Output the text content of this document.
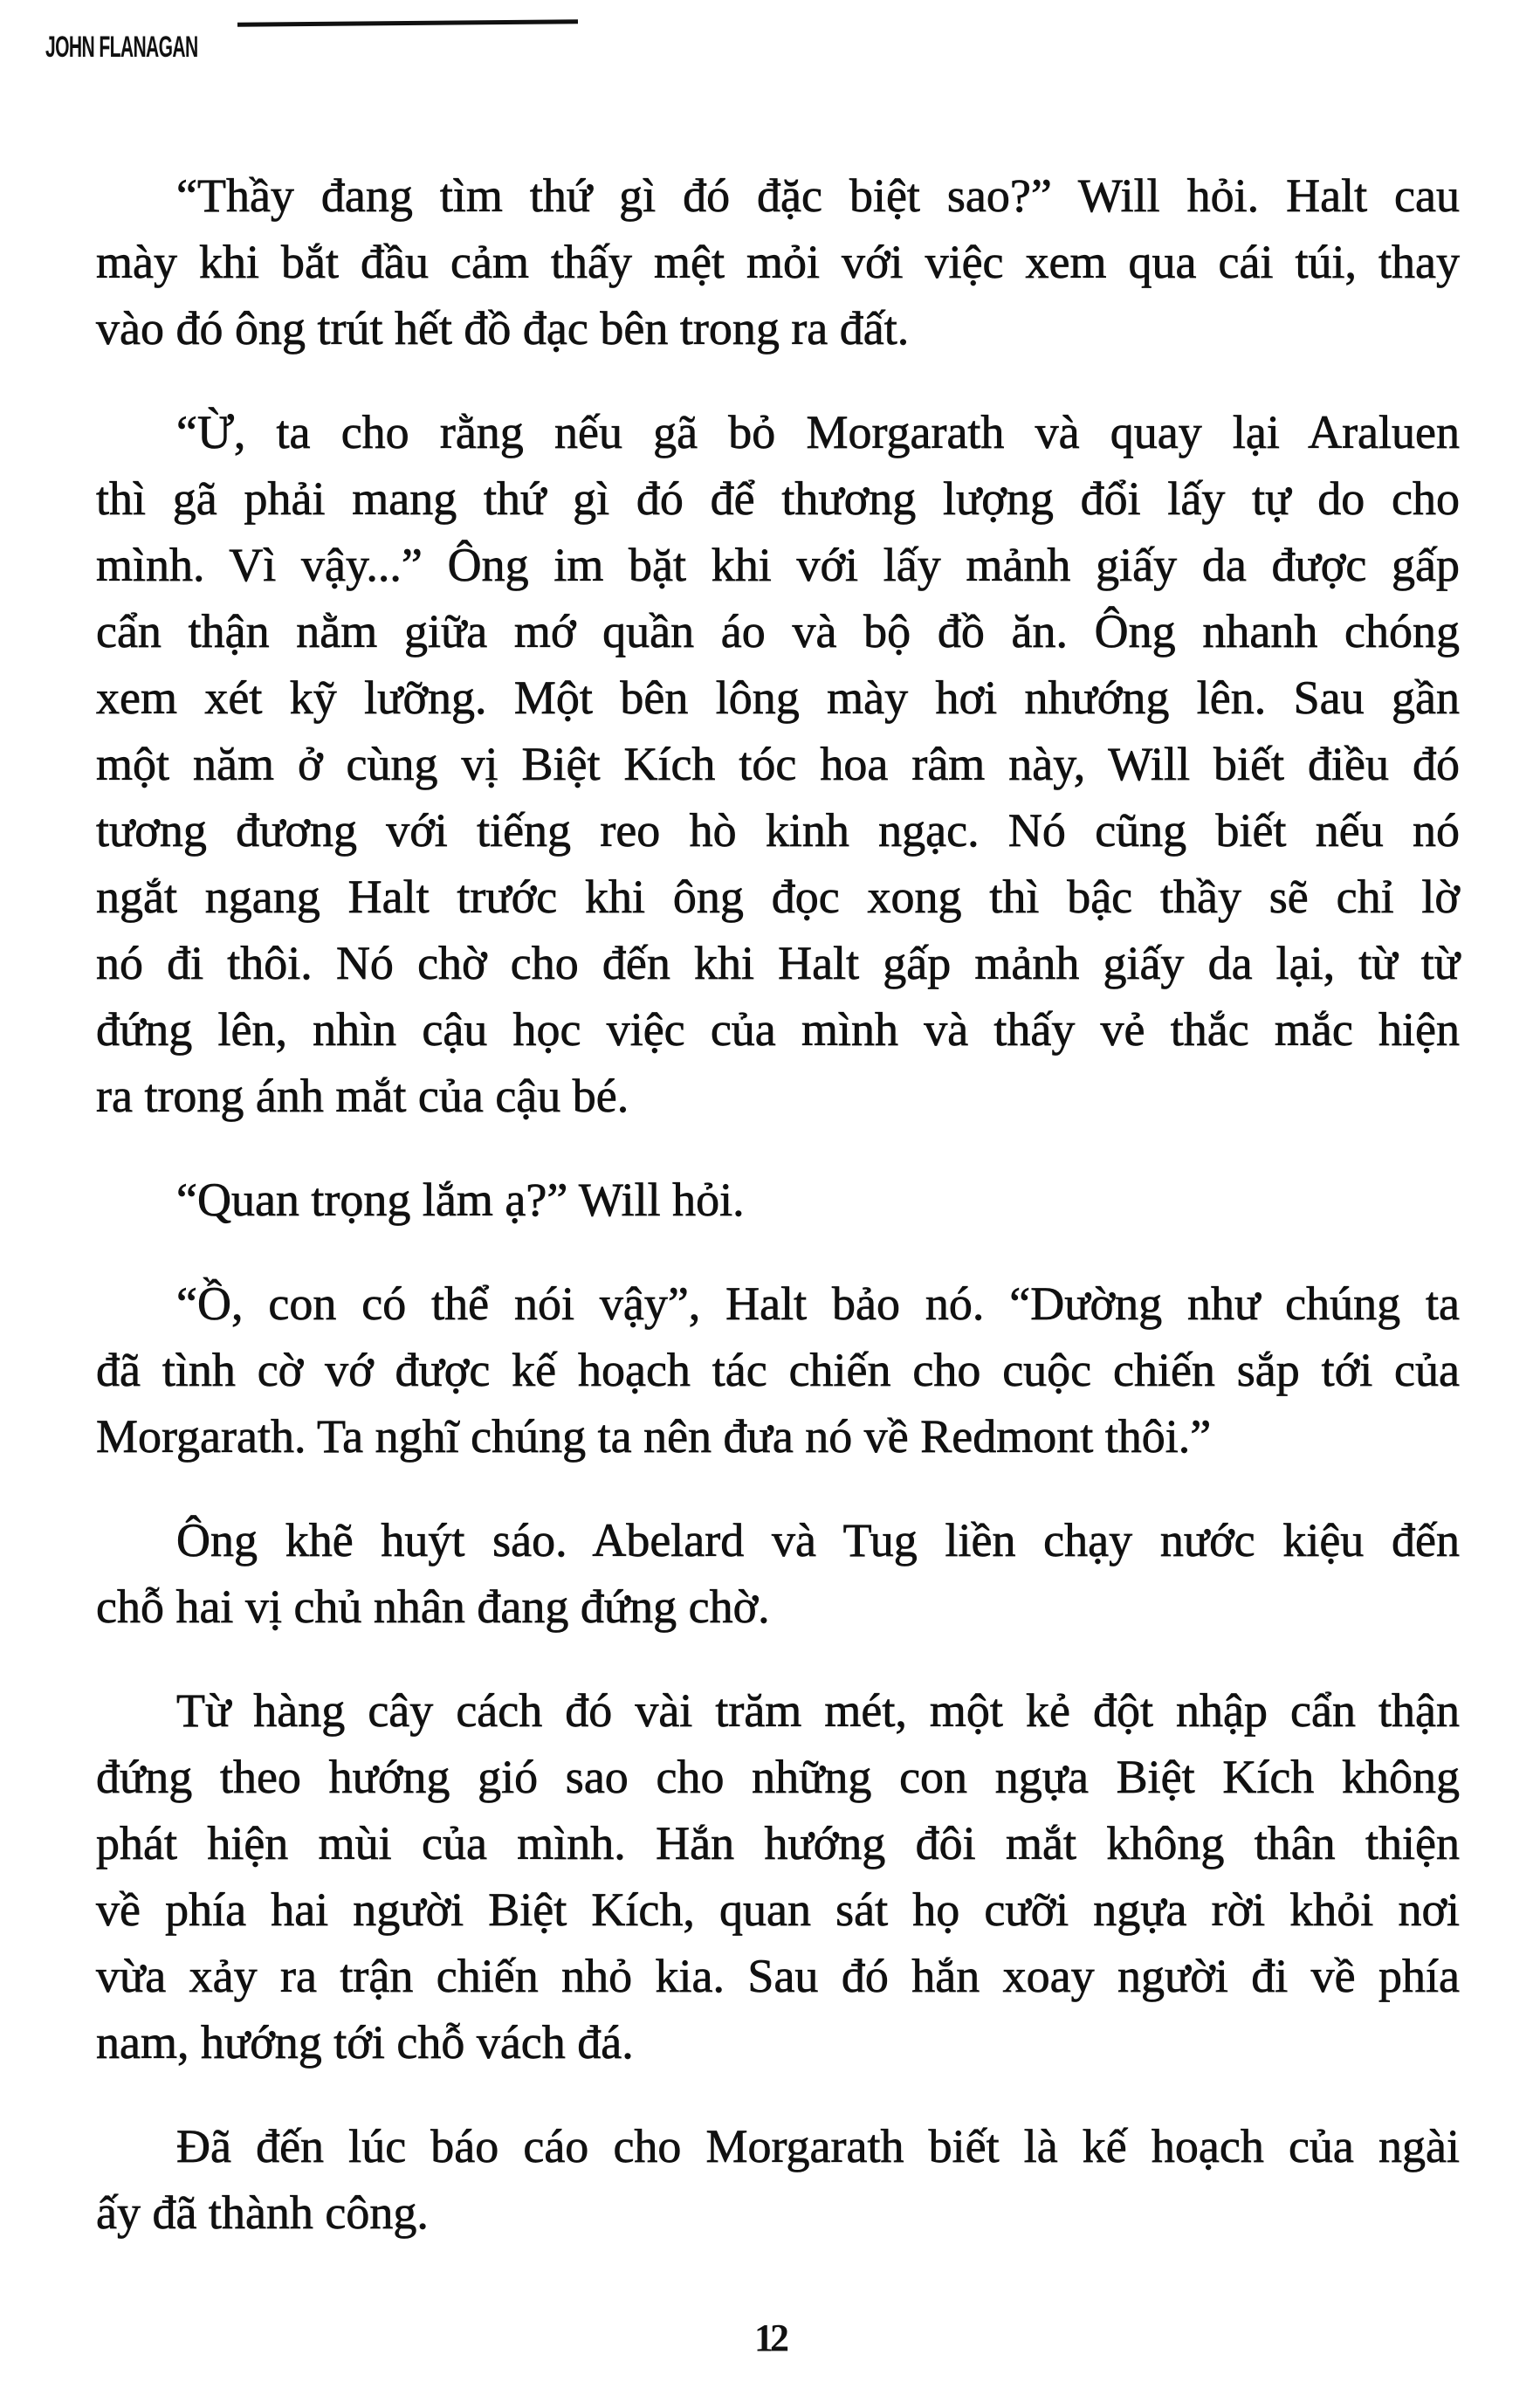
JOHN FLANAGAN
“Thầy đang tìm thứ gì đó đặc biệt sao?” Will hỏi. Halt cau
mày khi bắt đầu cảm thấy mệt mỏi với việc xem qua cái túi, thay
vào đó ông trút hết đồ đạc bên trong ra đất.
“Ừ, ta cho rằng nếu gã bỏ Morgarath và quay lại Araluen
thì gã phải mang thứ gì đó để thương lượng đổi lấy tự do cho
mình. Vì vậy...” Ông im bặt khi với lấy mảnh giấy da được gấp
cẩn thận nằm giữa mớ quần áo và bộ đồ ăn. Ông nhanh chóng
xem xét kỹ lưỡng. Một bên lông mày hơi nhướng lên. Sau gần
một năm ở cùng vị Biệt Kích tóc hoa râm này, Will biết điều đó
tương đương với tiếng reo hò kinh ngạc. Nó cũng biết nếu nó
ngắt ngang Halt trước khi ông đọc xong thì bậc thầy sẽ chỉ lờ
nó đi thôi. Nó chờ cho đến khi Halt gấp mảnh giấy da lại, từ từ
đứng lên, nhìn cậu học việc của mình và thấy vẻ thắc mắc hiện
ra trong ánh mắt của cậu bé.
“Quan trọng lắm ạ?” Will hỏi.
“Ồ, con có thể nói vậy”, Halt bảo nó. “Dường như chúng ta
đã tình cờ vớ được kế hoạch tác chiến cho cuộc chiến sắp tới của
Morgarath. Ta nghĩ chúng ta nên đưa nó về Redmont thôi.”
Ông khẽ huýt sáo. Abelard và Tug liền chạy nước kiệu đến
chỗ hai vị chủ nhân đang đứng chờ.
Từ hàng cây cách đó vài trăm mét, một kẻ đột nhập cẩn thận
đứng theo hướng gió sao cho những con ngựa Biệt Kích không
phát hiện mùi của mình. Hắn hướng đôi mắt không thân thiện
về phía hai người Biệt Kích, quan sát họ cưỡi ngựa rời khỏi nơi
vừa xảy ra trận chiến nhỏ kia. Sau đó hắn xoay người đi về phía
nam, hướng tới chỗ vách đá.
Đã đến lúc báo cáo cho Morgarath biết là kế hoạch của ngài
ấy đã thành công.
12
